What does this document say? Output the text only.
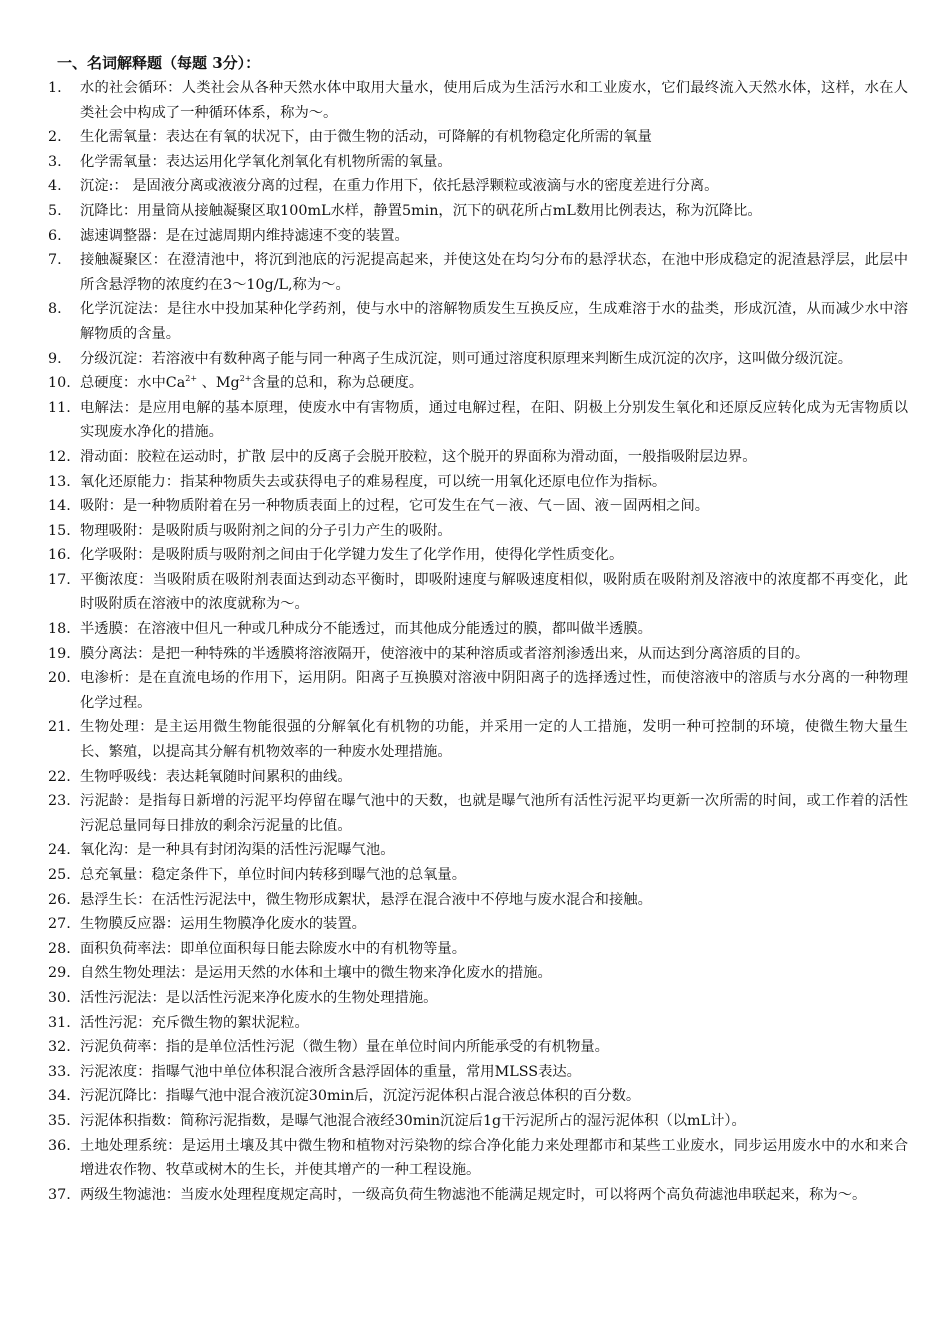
一、名词解释题（每题 3分）：
1.	水的社会循环：人类社会从各种天然水体中取用大量水，使用后成为生活污水和工业废水，它们最终流入天然水体，这样，水在人类社会中构成了一种循环体系，称为～。
2.	生化需氧量：表达在有氧的状况下，由于微生物的活动，可降解的有机物稳定化所需的氧量
3.	化学需氧量：表达运用化学氧化剂氧化有机物所需的氧量。
4.	沉淀:： 是固液分离或液液分离的过程，在重力作用下，依托悬浮颗粒或液滴与水的密度差进行分离。
5.	沉降比：用量筒从接触凝聚区取100mL水样，静置5min，沉下的矾花所占mL数用比例表达，称为沉降比。
6.	滤速调整器：是在过滤周期内维持滤速不变的装置。
7.	接触凝聚区：在澄清池中，将沉到池底的污泥提高起来，并使这处在均匀分布的悬浮状态，在池中形成稳定的泥渣悬浮层，此层中所含悬浮物的浓度约在3～10g/L,称为～。
8.	化学沉淀法：是往水中投加某种化学药剂，使与水中的溶解物质发生互换反应，生成难溶于水的盐类，形成沉渣，从而减少水中溶解物质的含量。
9.	分级沉淀：若溶液中有数种离子能与同一种离子生成沉淀，则可通过溶度积原理来判断生成沉淀的次序，这叫做分级沉淀。
10. 总硬度：水中$Ca^{2+}$ 、$Mg^{2+}$含量的总和，称为总硬度。
11. 电解法：是应用电解的基本原理，使废水中有害物质，通过电解过程，在阳、阴极上分别发生氧化和还原反应转化成为无害物质以实现废水净化的措施。
12. 滑动面：胶粒在运动时，扩散 层中的反离子会脱开胶粒，这个脱开的界面称为滑动面，一般指吸附层边界。
13. 氧化还原能力：指某种物质失去或获得电子的难易程度，可以统一用氧化还原电位作为指标。
14. 吸附：是一种物质附着在另一种物质表面上的过程，它可发生在气－液、气－固、液－固两相之间。
15. 物理吸附：是吸附质与吸附剂之间的分子引力产生的吸附。
16. 化学吸附：是吸附质与吸附剂之间由于化学键力发生了化学作用，使得化学性质变化。
17. 平衡浓度：当吸附质在吸附剂表面达到动态平衡时，即吸附速度与解吸速度相似，吸附质在吸附剂及溶液中的浓度都不再变化，此时吸附质在溶液中的浓度就称为～。
18. 半透膜：在溶液中但凡一种或几种成分不能透过，而其他成分能透过的膜，都叫做半透膜。
19. 膜分离法：是把一种特殊的半透膜将溶液隔开，使溶液中的某种溶质或者溶剂渗透出来，从而达到分离溶质的目的。
20. 电渗析：是在直流电场的作用下，运用阴。阳离子互换膜对溶液中阴阳离子的选择透过性，而使溶液中的溶质与水分离的一种物理化学过程。
21. 生物处理：是主运用微生物能很强的分解氧化有机物的功能，并采用一定的人工措施，发明一种可控制的环境，使微生物大量生长、繁殖，以提高其分解有机物效率的一种废水处理措施。
22. 生物呼吸线：表达耗氧随时间累积的曲线。
23. 污泥龄：是指每日新增的污泥平均停留在曝气池中的天数，也就是曝气池所有活性污泥平均更新一次所需的时间，或工作着的活性污泥总量同每日排放的剩余污泥量的比值。
24. 氧化沟：是一种具有封闭沟渠的活性污泥曝气池。
25. 总充氧量：稳定条件下，单位时间内转移到曝气池的总氧量。
26. 悬浮生长：在活性污泥法中，微生物形成絮状，悬浮在混合液中不停地与废水混合和接触。
27. 生物膜反应器：运用生物膜净化废水的装置。
28. 面积负荷率法：即单位面积每日能去除废水中的有机物等量。
29. 自然生物处理法：是运用天然的水体和土壤中的微生物来净化废水的措施。
30. 活性污泥法：是以活性污泥来净化废水的生物处理措施。
31. 活性污泥：充斥微生物的絮状泥粒。
32. 污泥负荷率：指的是单位活性污泥（微生物）量在单位时间内所能承受的有机物量。
33. 污泥浓度：指曝气池中单位体积混合液所含悬浮固体的重量，常用MLSS表达。
34. 污泥沉降比：指曝气池中混合液沉淀30min后，沉淀污泥体积占混合液总体积的百分数。
35. 污泥体积指数：简称污泥指数，是曝气池混合液经30min沉淀后1g干污泥所占的湿污泥体积（以mL计）。
36. 土地处理系统：是运用土壤及其中微生物和植物对污染物的综合净化能力来处理都市和某些工业废水，同步运用废水中的水和来合增进农作物、牧草或树木的生长，并使其增产的一种工程设施。
37. 两级生物滤池：当废水处理程度规定高时，一级高负荷生物滤池不能满足规定时，可以将两个高负荷滤池串联起来，称为～。
